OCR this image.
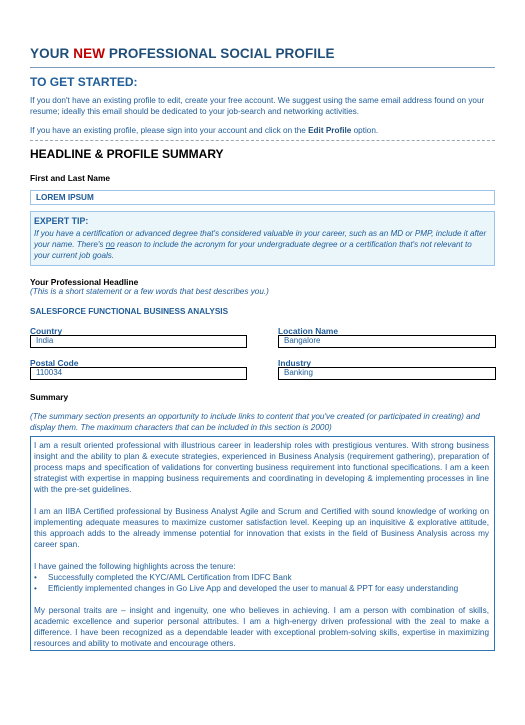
YOUR NEW PROFESSIONAL SOCIAL PROFILE
TO GET STARTED:
If you don't have an existing profile to edit, create your free account. We suggest using the same email address found on your resume; ideally this email should be dedicated to your job-search and networking activities.
If you have an existing profile, please sign into your account and click on the Edit Profile option.
HEADLINE & PROFILE SUMMARY
First and Last Name
LOREM IPSUM
EXPERT TIP:
If you have a certification or advanced degree that's considered valuable in your career, such as an MD or PMP, include it after your name. There's no reason to include the acronym for your undergraduate degree or a certification that's not relevant to your current job goals.
Your Professional Headline
(This is a short statement or a few words that best describes you.)
SALESFORCE FUNCTIONAL BUSINESS ANALYSIS
Country
India
Location Name
Bangalore
Postal Code
110034
Industry
Banking
Summary
(The summary section presents an opportunity to include links to content that you've created (or participated in creating) and display them. The maximum characters that can be included in this section is 2000)

I am a result oriented professional with illustrious career in leadership roles with prestigious ventures. With strong business insight and the ability to plan & execute strategies, experienced in Business Analysis (requirement gathering), preparation of process maps and specification of validations for converting business requirement into functional specifications. I am a keen strategist with expertise in mapping business requirements and coordinating in developing & implementing processes in line with the pre-set guidelines.

I am an IIBA Certified professional by Business Analyst Agile and Scrum and Certified with sound knowledge of working on implementing adequate measures to maximize customer satisfaction level. Keeping up an inquisitive & explorative attitude, this approach adds to the already immense potential for innovation that exists in the field of Business Analysis across my career span.

I have gained the following highlights across the tenure:

• Successfully completed the KYC/AML Certification from IDFC Bank
• Efficiently implemented changes in Go Live App and developed the user to manual & PPT for easy understanding

My personal traits are – insight and ingenuity, one who believes in achieving. I am a person with combination of skills, academic excellence and superior personal attributes. I am a high-energy driven professional with the zeal to make a difference. I have been recognized as a dependable leader with exceptional problem-solving skills, expertise in maximizing resources and ability to motivate and encourage others.
